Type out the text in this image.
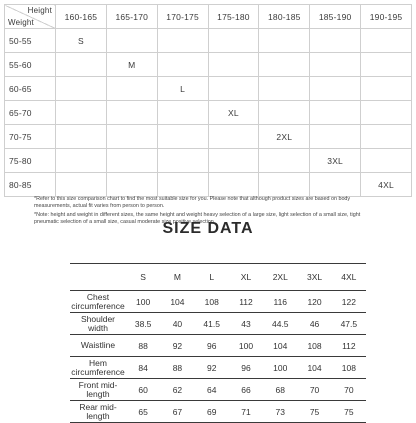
Height
Weight	160-165	165-170	170-175	175-180	180-185	185-190	190-195
50-55	S						
55-60		M					
60-65			L				
65-70				XL			
70-75					2XL		
75-80						3XL	
80-85							4XL

*Refer to this size comparison chart to find the most suitable size for you. Please note that although product sizes are based on body measurements, actual fit varies from person to person.

*Note: height and weight in different sizes, the same height and weight heavy selection of a large size, light selection of a small size, tight pneumatic selection of a small size, casual moderate size positive selection.

SIZE DATA
	S	M	L	XL	2XL	3XL	4XL
Chest circumference	100	104	108	112	116	120	122
Shoulder width	38.5	40	41.5	43	44.5	46	47.5
Waistline	88	92	96	100	104	108	112
Hem circumference	84	88	92	96	100	104	108
Front mid-length	60	62	64	66	68	70	70
Rear mid-length	65	67	69	71	73	75	75
